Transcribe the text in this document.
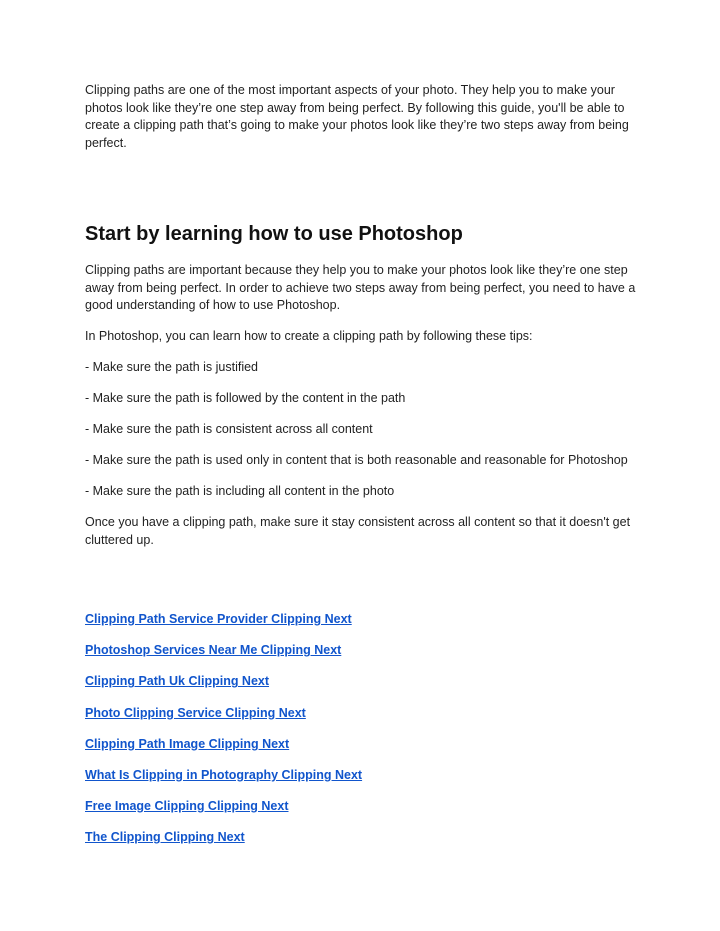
Clipping paths are one of the most important aspects of your photo. They help you to make your photos look like they’re one step away from being perfect. By following this guide, you'll be able to create a clipping path that’s going to make your photos look like they’re two steps away from being perfect.

Start by learning how to use Photoshop

Clipping paths are important because they help you to make your photos look like they’re one step away from being perfect. In order to achieve two steps away from being perfect, you need to have a good understanding of how to use Photoshop.

In Photoshop, you can learn how to create a clipping path by following these tips:

- Make sure the path is justified

- Make sure the path is followed by the content in the path

- Make sure the path is consistent across all content

- Make sure the path is used only in content that is both reasonable and reasonable for Photoshop

- Make sure the path is including all content in the photo

Once you have a clipping path, make sure it stay consistent across all content so that it doesn't get cluttered up.

Clipping Path Service Provider Clipping Next
Photoshop Services Near Me Clipping Next
Clipping Path Uk Clipping Next
Photo Clipping Service Clipping Next
Clipping Path Image Clipping Next
What Is Clipping in Photography Clipping Next
Free Image Clipping Clipping Next
The Clipping Clipping Next
